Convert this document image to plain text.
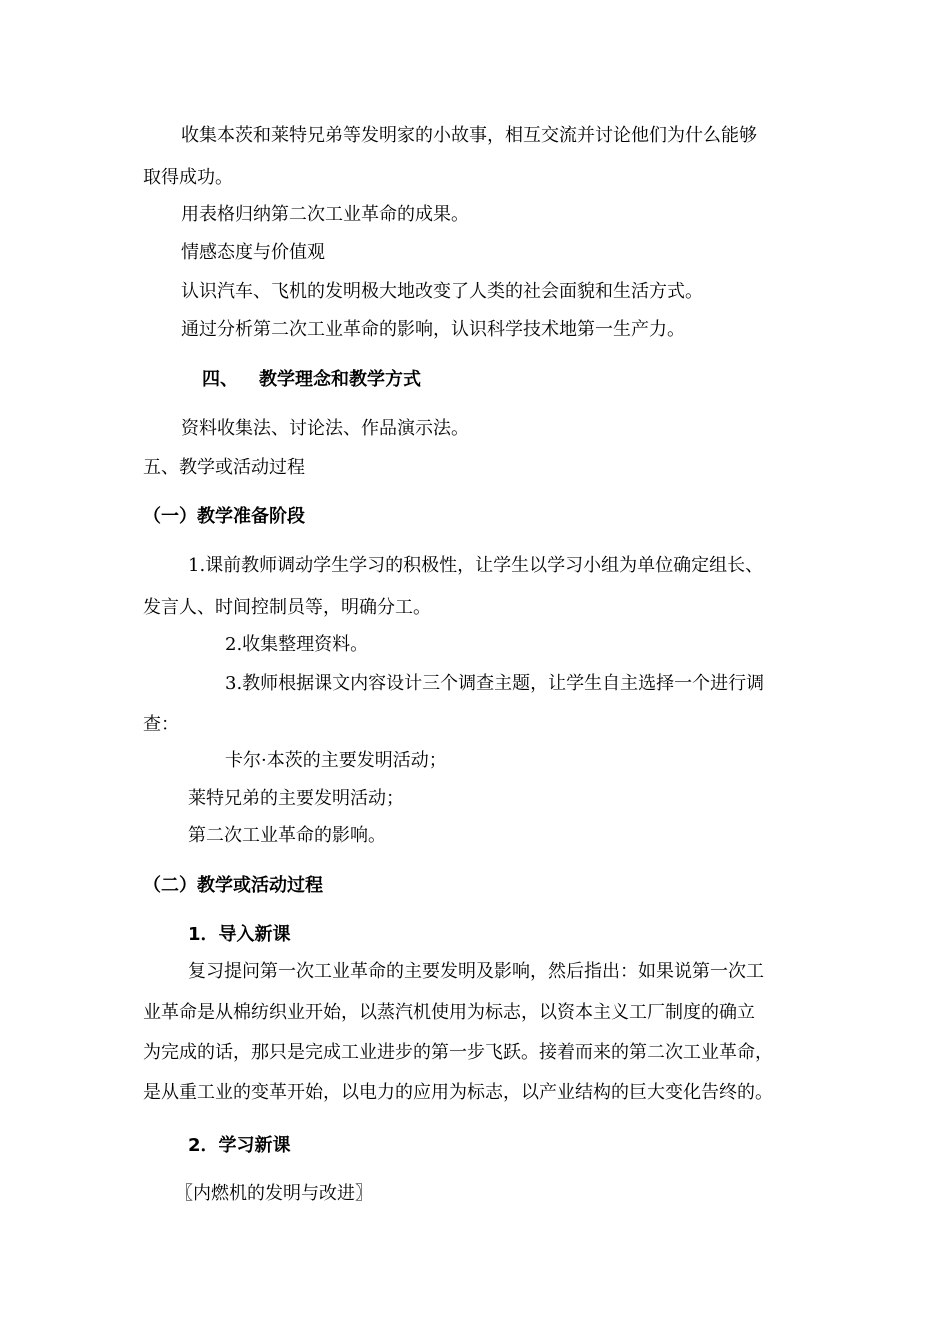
收集本茨和莱特兄弟等发明家的小故事，相互交流并讨论他们为什么能够
取得成功。
用表格归纳第二次工业革命的成果。
情感态度与价值观
认识汽车、飞机的发明极大地改变了人类的社会面貌和生活方式。
通过分析第二次工业革命的影响，认识科学技术地第一生产力。
四、 教学理念和教学方式
资料收集法、讨论法、作品演示法。
五、教学或活动过程
（一）教学准备阶段
1.课前教师调动学生学习的积极性，让学生以学习小组为单位确定组长、
发言人、时间控制员等，明确分工。
2.收集整理资料。
3.教师根据课文内容设计三个调查主题，让学生自主选择一个进行调
查：
卡尔·本茨的主要发明活动；
莱特兄弟的主要发明活动；
第二次工业革命的影响。
（二）教学或活动过程
1．导入新课
复习提问第一次工业革命的主要发明及影响，然后指出：如果说第一次工
业革命是从棉纺织业开始，以蒸汽机使用为标志，以资本主义工厂制度的确立
为完成的话，那只是完成工业进步的第一步飞跃。接着而来的第二次工业革命，
是从重工业的变革开始，以电力的应用为标志，以产业结构的巨大变化告终的。
2．学习新课
〖内燃机的发明与改进〗
